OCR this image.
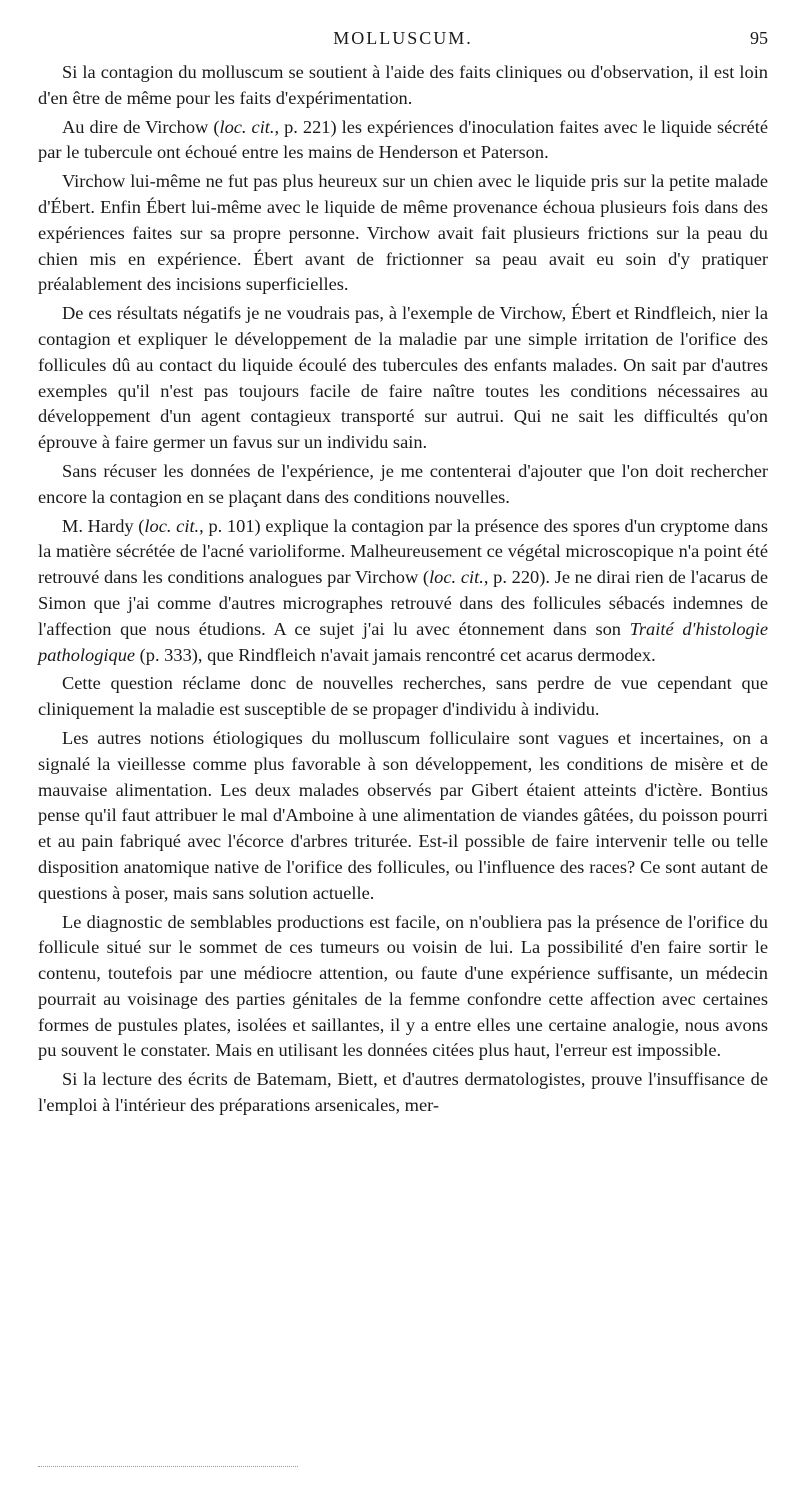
MOLLUSCUM.	95

Si la contagion du molluscum se soutient à l'aide des faits cliniques ou d'observation, il est loin d'en être de même pour les faits d'expérimentation.

Au dire de Virchow (loc. cit., p. 221) les expériences d'inoculation faites avec le liquide sécrété par le tubercule ont échoué entre les mains de Henderson et Paterson.

Virchow lui-même ne fut pas plus heureux sur un chien avec le liquide pris sur la petite malade d'Ébert. Enfin Ébert lui-même avec le liquide de même provenance échoua plusieurs fois dans des expériences faites sur sa propre personne. Virchow avait fait plusieurs frictions sur la peau du chien mis en expérience. Ébert avant de frictionner sa peau avait eu soin d'y pratiquer préalablement des incisions superficielles.

De ces résultats négatifs je ne voudrais pas, à l'exemple de Virchow, Ébert et Rindfleich, nier la contagion et expliquer le développement de la maladie par une simple irritation de l'orifice des follicules dû au contact du liquide écoulé des tubercules des enfants malades. On sait par d'autres exemples qu'il n'est pas toujours facile de faire naître toutes les conditions nécessaires au développement d'un agent contagieux transporté sur autrui. Qui ne sait les difficultés qu'on éprouve à faire germer un favus sur un individu sain.

Sans récuser les données de l'expérience, je me contenterai d'ajouter que l'on doit rechercher encore la contagion en se plaçant dans des conditions nouvelles.

M. Hardy (loc. cit., p. 101) explique la contagion par la présence des spores d'un cryptome dans la matière sécrétée de l'acné varioliforme. Malheureusement ce végétal microscopique n'a point été retrouvé dans les conditions analogues par Virchow (loc. cit., p. 220). Je ne dirai rien de l'acarus de Simon que j'ai comme d'autres micrographes retrouvé dans des follicules sébacés indemnes de l'affection que nous étudions. A ce sujet j'ai lu avec étonnement dans son Traité d'histologie pathologique (p. 333), que Rindfleich n'avait jamais rencontré cet acarus dermodex.

Cette question réclame donc de nouvelles recherches, sans perdre de vue cependant que cliniquement la maladie est susceptible de se propager d'individu à individu.

Les autres notions étiologiques du molluscum folliculaire sont vagues et incertaines, on a signalé la vieillesse comme plus favorable à son développement, les conditions de misère et de mauvaise alimentation. Les deux malades observés par Gibert étaient atteints d'ictère. Bontius pense qu'il faut attribuer le mal d'Amboine à une alimentation de viandes gâtées, du poisson pourri et au pain fabriqué avec l'écorce d'arbres triturée. Est-il possible de faire intervenir telle ou telle disposition anatomique native de l'orifice des follicules, ou l'influence des races? Ce sont autant de questions à poser, mais sans solution actuelle.

Le diagnostic de semblables productions est facile, on n'oubliera pas la présence de l'orifice du follicule situé sur le sommet de ces tumeurs ou voisin de lui. La possibilité d'en faire sortir le contenu, toutefois par une médiocre attention, ou faute d'une expérience suffisante, un médecin pourrait au voisinage des parties génitales de la femme confondre cette affection avec certaines formes de pustules plates, isolées et saillantes, il y a entre elles une certaine analogie, nous avons pu souvent le constater. Mais en utilisant les données citées plus haut, l'erreur est impossible.

Si la lecture des écrits de Batemam, Biett, et d'autres dermatologistes, prouve l'insuffisance de l'emploi à l'intérieur des préparations arsenicales, mer-
